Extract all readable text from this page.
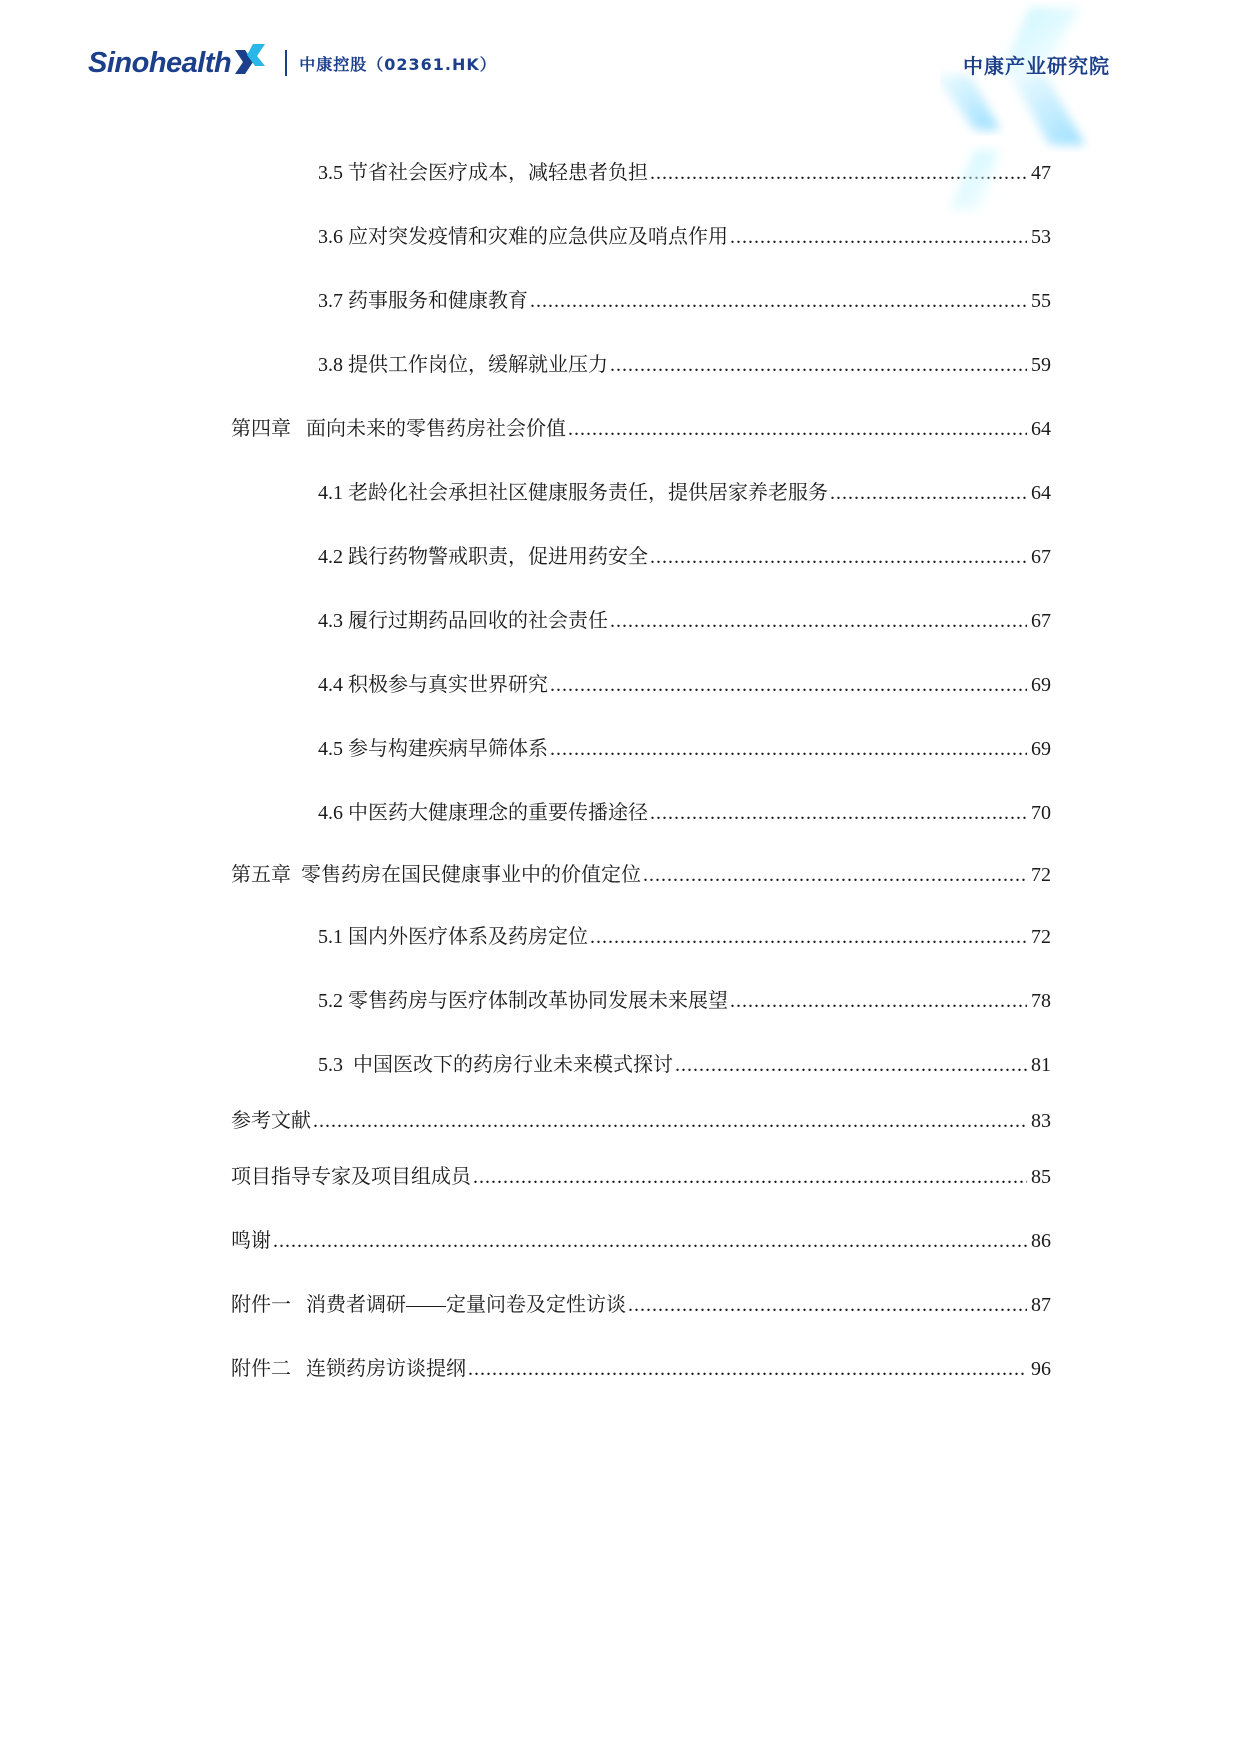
Sinohealth	中康控股（02361.HK）	中康产业研究院
3.5 节省社会医疗成本，减轻患者负担 .....	47
3.6 应对突发疫情和灾难的应急供应及哨点作用 .....	53
3.7 药事服务和健康教育 .....	55
3.8 提供工作岗位，缓解就业压力 .....	59
第四章 面向未来的零售药房社会价值 .....	64
4.1 老龄化社会承担社区健康服务责任，提供居家养老服务 .....	64
4.2 践行药物警戒职责，促进用药安全 .....	67
4.3 履行过期药品回收的社会责任 .....	67
4.4 积极参与真实世界研究 .....	69
4.5 参与构建疾病早筛体系 .....	69
4.6 中医药大健康理念的重要传播途径 .....	70
第五章 零售药房在国民健康事业中的价值定位 .....	72
5.1 国内外医疗体系及药房定位 .....	72
5.2 零售药房与医疗体制改革协同发展未来展望 .....	78
5.3 中国医改下的药房行业未来模式探讨 .....	81
参考文献 .....	83
项目指导专家及项目组成员 .....	85
鸣谢 .....	86
附件一 消费者调研——定量问卷及定性访谈 .....	87
附件二 连锁药房访谈提纲 .....	96
